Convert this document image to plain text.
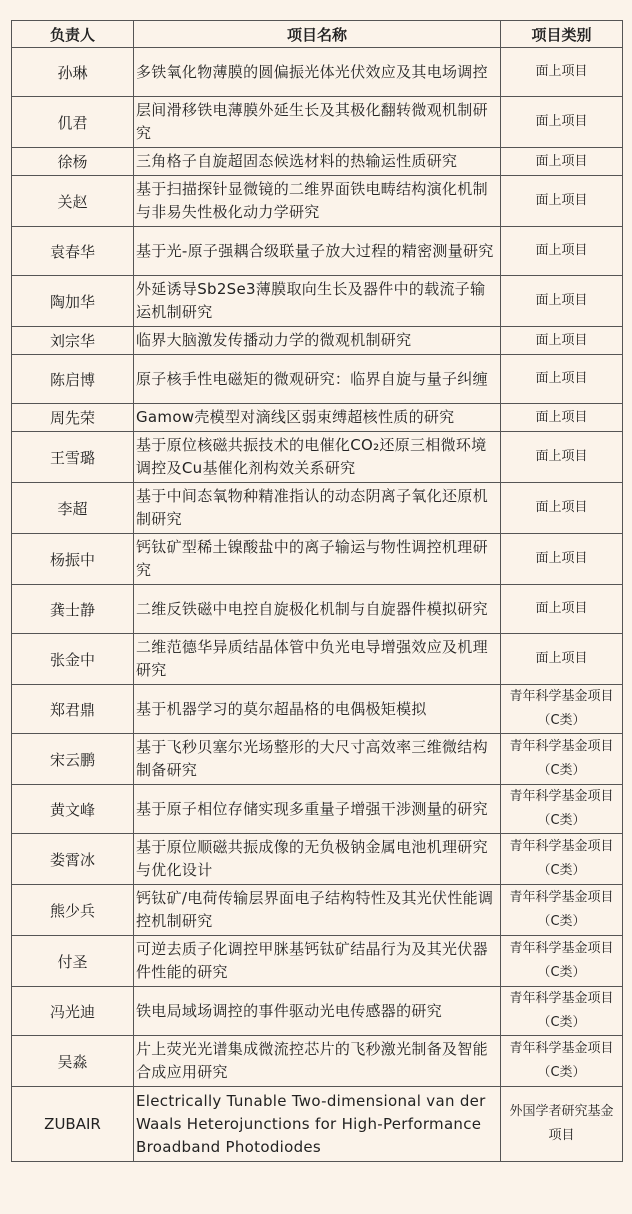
负责人	项目名称	项目类别
孙琳	多铁氧化物薄膜的圆偏振光体光伏效应及其电场调控	面上项目
仉君	层间滑移铁电薄膜外延生长及其极化翻转微观机制研究	面上项目
徐杨	三角格子自旋超固态候选材料的热输运性质研究	面上项目
关赵	基于扫描探针显微镜的二维界面铁电畴结构演化机制与非易失性极化动力学研究	面上项目
袁春华	基于光-原子强耦合级联量子放大过程的精密测量研究	面上项目
陶加华	外延诱导Sb2Se3薄膜取向生长及器件中的载流子输运机制研究	面上项目
刘宗华	临界大脑激发传播动力学的微观机制研究	面上项目
陈启博	原子核手性电磁矩的微观研究：临界自旋与量子纠缠	面上项目
周先荣	Gamow壳模型对滴线区弱束缚超核性质的研究	面上项目
王雪璐	基于原位核磁共振技术的电催化CO₂还原三相微环境调控及Cu基催化剂构效关系研究	面上项目
李超	基于中间态氧物种精准指认的动态阴离子氧化还原机制研究	面上项目
杨振中	钙钛矿型稀土镍酸盐中的离子输运与物性调控机理研究	面上项目
龚士静	二维反铁磁中电控自旋极化机制与自旋器件模拟研究	面上项目
张金中	二维范德华异质结晶体管中负光电导增强效应及机理研究	面上项目
郑君鼎	基于机器学习的莫尔超晶格的电偶极矩模拟	青年科学基金项目（C类）
宋云鹏	基于飞秒贝塞尔光场整形的大尺寸高效率三维微结构制备研究	青年科学基金项目（C类）
黄文峰	基于原子相位存储实现多重量子增强干涉测量的研究	青年科学基金项目（C类）
娄霄冰	基于原位顺磁共振成像的无负极钠金属电池机理研究与优化设计	青年科学基金项目（C类）
熊少兵	钙钛矿/电荷传输层界面电子结构特性及其光伏性能调控机制研究	青年科学基金项目（C类）
付圣	可逆去质子化调控甲脒基钙钛矿结晶行为及其光伏器件性能的研究	青年科学基金项目（C类）
冯光迪	铁电局域场调控的事件驱动光电传感器的研究	青年科学基金项目（C类）
吴淼	片上荧光光谱集成微流控芯片的飞秒激光制备及智能合成应用研究	青年科学基金项目（C类）
ZUBAIR	Electrically Tunable Two-dimensional van der Waals Heterojunctions for High-Performance Broadband Photodiodes	外国学者研究基金项目
